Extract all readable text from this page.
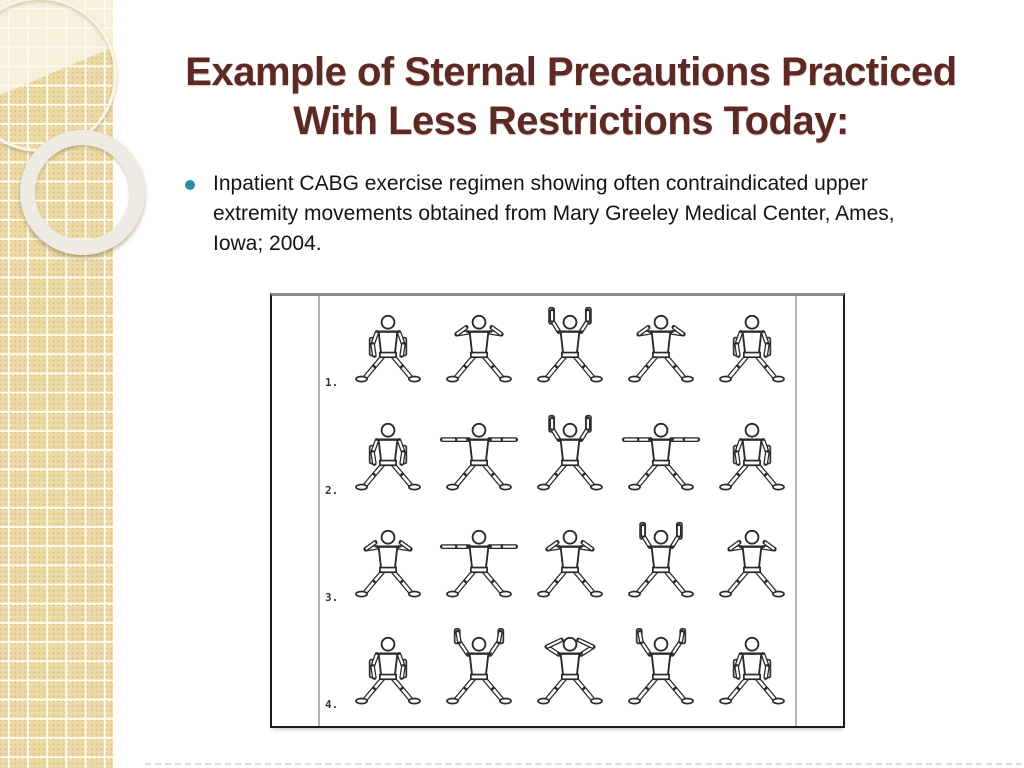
Example of Sternal Precautions Practiced
With Less Restrictions Today:
Inpatient CABG exercise regimen showing often contraindicated upper
extremity movements obtained from Mary Greeley Medical Center, Ames,
Iowa; 2004.
1.
2.
3.
4.
